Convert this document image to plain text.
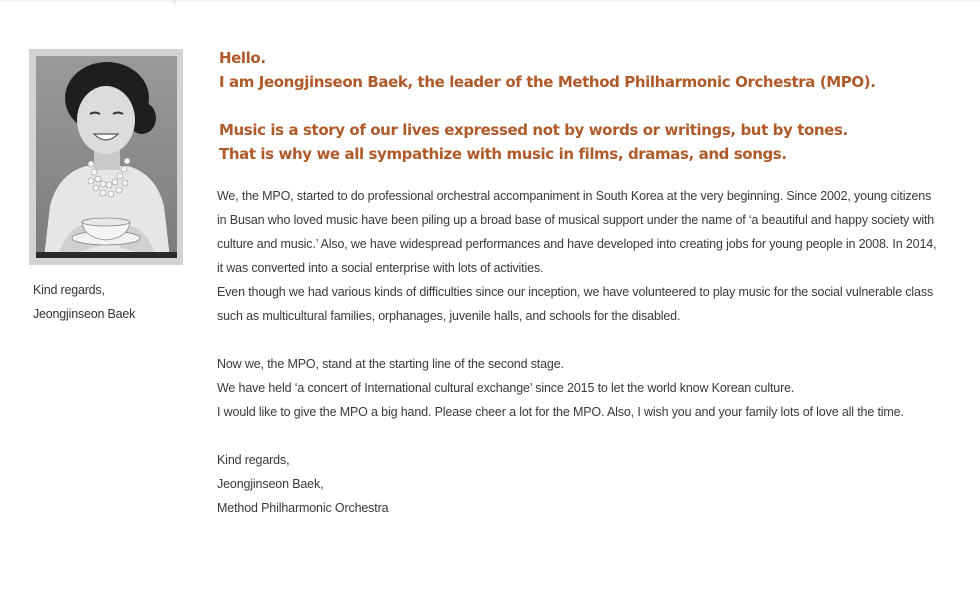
Kind regards,
Jeongjinseon Baek
Hello.
I am Jeongjinseon Baek, the leader of the Method Philharmonic Orchestra (MPO).
Music is a story of our lives expressed not by words or writings, but by tones.
That is why we all sympathize with music in films, dramas, and songs.
We, the MPO, started to do professional orchestral accompaniment in South Korea at the very beginning. Since 2002, young citizens
in Busan who loved music have been piling up a broad base of musical support under the name of ‘a beautiful and happy society with
culture and music.’ Also, we have widespread performances and have developed into creating jobs for young people in 2008. In 2014,
it was converted into a social enterprise with lots of activities.
Even though we had various kinds of difficulties since our inception, we have volunteered to play music for the social vulnerable class
such as multicultural families, orphanages, juvenile halls, and schools for the disabled.
Now we, the MPO, stand at the starting line of the second stage.
We have held ‘a concert of International cultural exchange’ since 2015 to let the world know Korean culture.
I would like to give the MPO a big hand. Please cheer a lot for the MPO. Also, I wish you and your family lots of love all the time.
Kind regards,
Jeongjinseon Baek,
Method Philharmonic Orchestra
